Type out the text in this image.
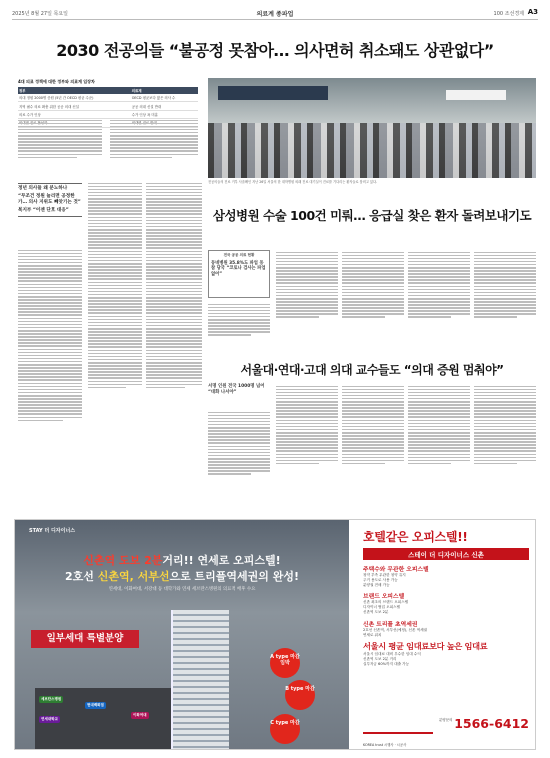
2025년 8월 27일 목요일	의료계 종파업	100 조선경제 A3
2030 전공의들 “불공정 못참아… 의사면허 취소돼도 상관없다”
4대 의료 정책에 대한 정부와 의료계 입장차
정부	의료계
의대 정원 2000명 증원 (5년 간 OECD 평균 수준)	OECD 평균보다 많은 의사 수
지역 필수 의료 확충 위한 공공 의대 신설	공공 의대 신설 반대
의료 수가 인상	수가 인상 폭 미흡

전공의들의 진료 거부 사흘째인 지난 26일 서울의 한 대학병원 외래 진료 대기실이 진료를 기다리는 환자들로 붐비고 있다.
정년 의사들 왜 분노하나
“무조건 정원 늘리면 공정한가… 의사 지위도 빼앗기는 것”
복지부 “이젠 단호 대응”	삼성병원 수술 100건 미뤄… 응급실 찾은 환자 돌려보내기도
전국 공공 의료 현황
동네병원 35.8%도 파업 동참 당국 “코로나 검사는 파업 없어”
서울대·연대·고대 의대 교수들도 “의대 증원 멈춰야”
서명 인원 전국 1000명 넘어 “대화 나서야”
STAY 더 디자이너스
신촌역 도보 2분거리!! 연세로 오피스텔!
2호선 신촌역, 서부선으로 트리플역세권의 완성!
연세대, 이화여대, 서강대 등 대학가와 연세 세브란스병원의 의료적 배후 수요
일부세대 특별분양
세브란스병원
현대백화점
연세대학교
이화여대
A type 마감임박
B type 마감
C type 마감
호텔같은 오피스텔!!
스테이 더 디자이너스 신촌
주택수와 무관한 오피스텔
청약 부족 무관한 청약 유지
주거 용도로 사용 가능
분양권 전매 가능
브랜드 오피스텔
신촌 최초의 브랜드 오피스텔
디자이너 협업 오피스텔
신촌역 도보 2분
신촌 트리플 초역세권
2호선 신촌역, 서부선(예정), 신촌 역세권
연세로 위치
서울시 평균 임대료보다 높은 임대료
서울시 임대료 대비 우수한 임대 수익
신촌역 도보 2분 거리
실투자금 60%까지 대출 가능
분양문의 1566-6412
KOREA trust 시행사 · 시공사
